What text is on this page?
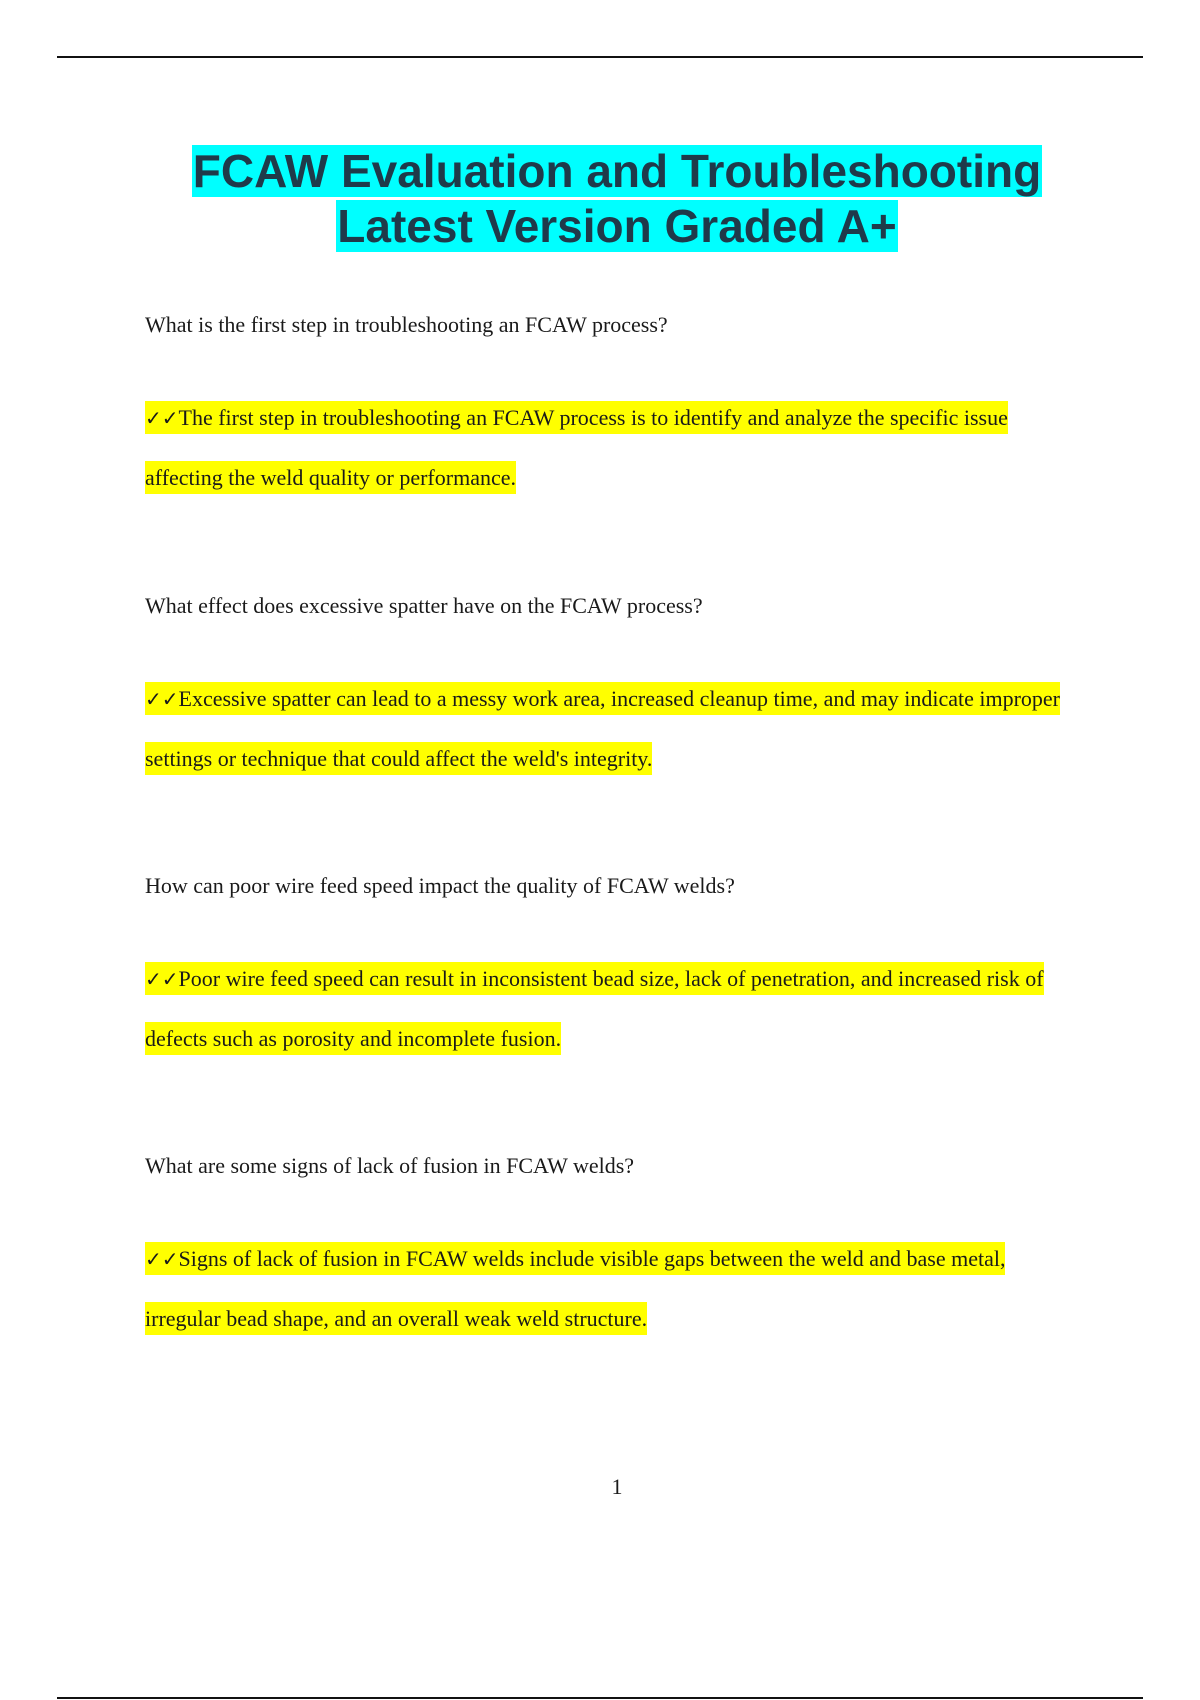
FCAW Evaluation and Troubleshooting
Latest Version Graded A+

What is the first step in troubleshooting an FCAW process?

✓✓The first step in troubleshooting an FCAW process is to identify and analyze the specific issue affecting the weld quality or performance.

What effect does excessive spatter have on the FCAW process?

✓✓Excessive spatter can lead to a messy work area, increased cleanup time, and may indicate improper settings or technique that could affect the weld's integrity.

How can poor wire feed speed impact the quality of FCAW welds?

✓✓Poor wire feed speed can result in inconsistent bead size, lack of penetration, and increased risk of defects such as porosity and incomplete fusion.

What are some signs of lack of fusion in FCAW welds?

✓✓Signs of lack of fusion in FCAW welds include visible gaps between the weld and base metal, irregular bead shape, and an overall weak weld structure.

1
